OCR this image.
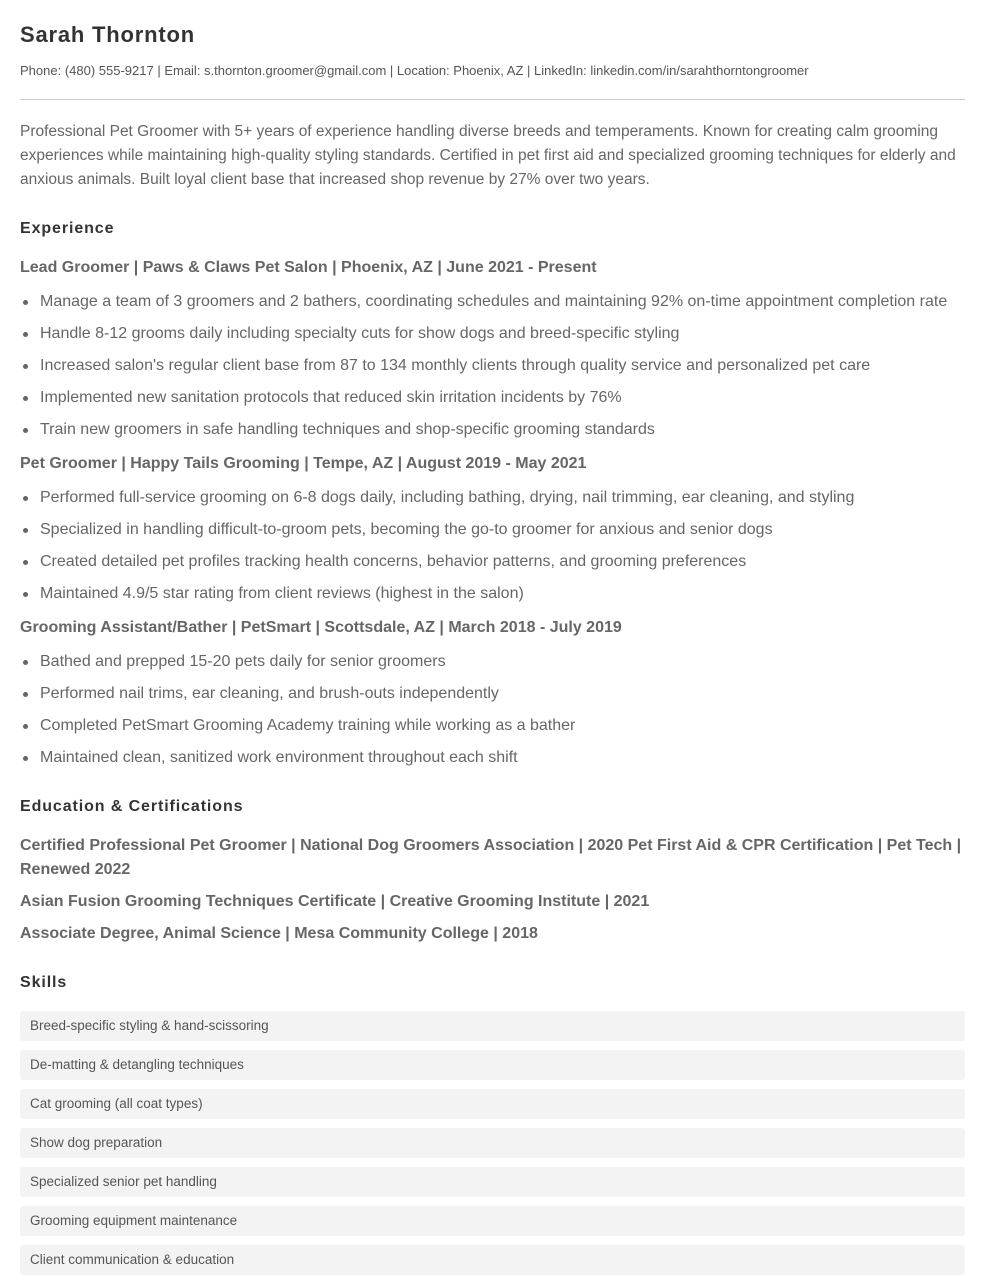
Sarah Thornton
Phone: (480) 555-9217 | Email: s.thornton.groomer@gmail.com | Location: Phoenix, AZ | LinkedIn: linkedin.com/in/sarahthorntongroomer
Professional Pet Groomer with 5+ years of experience handling diverse breeds and temperaments. Known for creating calm grooming experiences while maintaining high-quality styling standards. Certified in pet first aid and specialized grooming techniques for elderly and anxious animals. Built loyal client base that increased shop revenue by 27% over two years.
Experience
Lead Groomer | Paws & Claws Pet Salon | Phoenix, AZ | June 2021 - Present
Manage a team of 3 groomers and 2 bathers, coordinating schedules and maintaining 92% on-time appointment completion rate
Handle 8-12 grooms daily including specialty cuts for show dogs and breed-specific styling
Increased salon's regular client base from 87 to 134 monthly clients through quality service and personalized pet care
Implemented new sanitation protocols that reduced skin irritation incidents by 76%
Train new groomers in safe handling techniques and shop-specific grooming standards
Pet Groomer | Happy Tails Grooming | Tempe, AZ | August 2019 - May 2021
Performed full-service grooming on 6-8 dogs daily, including bathing, drying, nail trimming, ear cleaning, and styling
Specialized in handling difficult-to-groom pets, becoming the go-to groomer for anxious and senior dogs
Created detailed pet profiles tracking health concerns, behavior patterns, and grooming preferences
Maintained 4.9/5 star rating from client reviews (highest in the salon)
Grooming Assistant/Bather | PetSmart | Scottsdale, AZ | March 2018 - July 2019
Bathed and prepped 15-20 pets daily for senior groomers
Performed nail trims, ear cleaning, and brush-outs independently
Completed PetSmart Grooming Academy training while working as a bather
Maintained clean, sanitized work environment throughout each shift
Education & Certifications
Certified Professional Pet Groomer | National Dog Groomers Association | 2020 Pet First Aid & CPR Certification | Pet Tech | Renewed 2022
Asian Fusion Grooming Techniques Certificate | Creative Grooming Institute | 2021
Associate Degree, Animal Science | Mesa Community College | 2018
Skills
Breed-specific styling & hand-scissoring
De-matting & detangling techniques
Cat grooming (all coat types)
Show dog preparation
Specialized senior pet handling
Grooming equipment maintenance
Client communication & education
